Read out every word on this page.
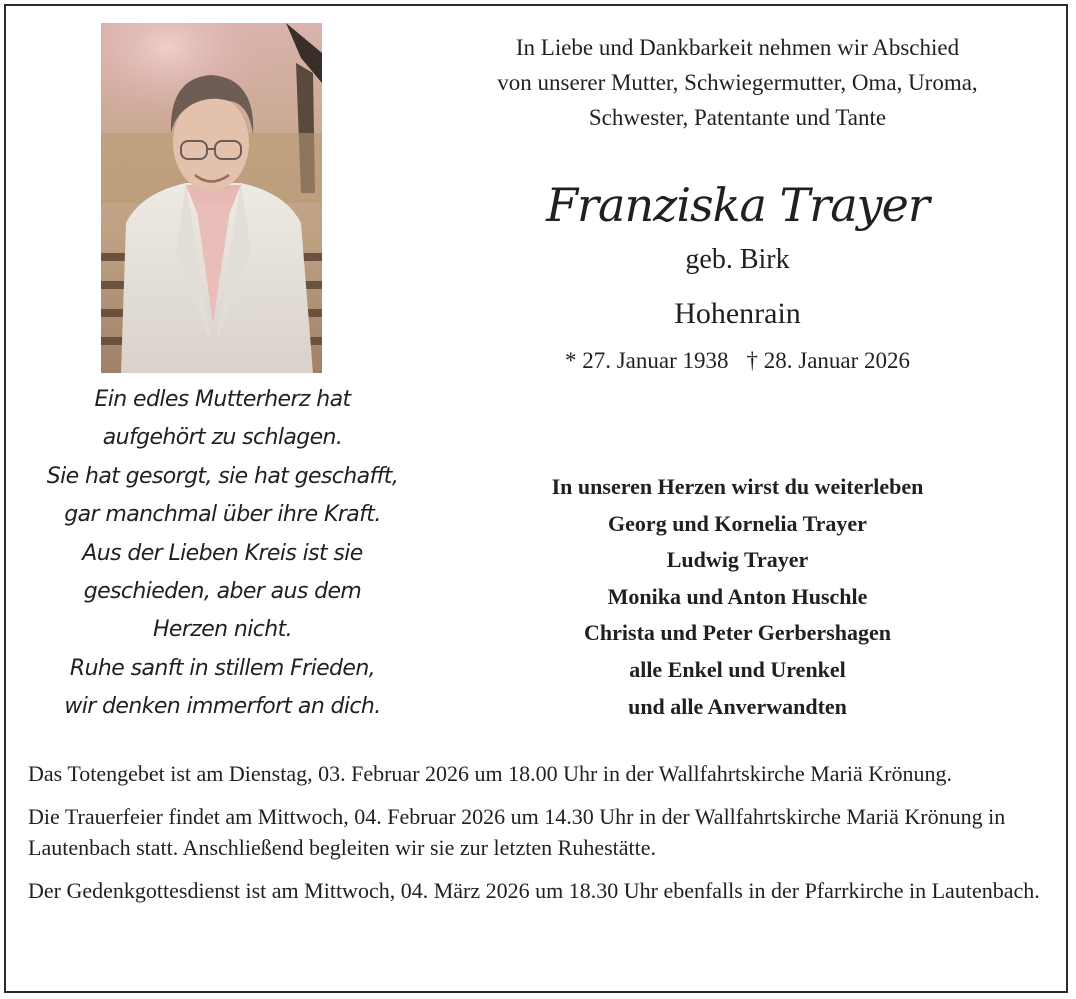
In Liebe und Dankbarkeit nehmen wir Abschied
von unserer Mutter, Schwiegermutter, Oma, Uroma,
Schwester, Patentante und Tante
Franziska Trayer
geb. Birk
Hohenrain
* 27. Januar 1938 † 28. Januar 2026
Ein edles Mutterherz hat
aufgehört zu schlagen.
Sie hat gesorgt, sie hat geschafft,
gar manchmal über ihre Kraft.
Aus der Lieben Kreis ist sie
geschieden, aber aus dem
Herzen nicht.
Ruhe sanft in stillem Frieden,
wir denken immerfort an dich.
In unseren Herzen wirst du weiterleben
Georg und Kornelia Trayer
Ludwig Trayer
Monika und Anton Huschle
Christa und Peter Gerbershagen
alle Enkel und Urenkel
und alle Anverwandten

Das Totengebet ist am Dienstag, 03. Februar 2026 um 18.00 Uhr in der Wallfahrtskirche Mariä Krönung.

Die Trauerfeier findet am Mittwoch, 04. Februar 2026 um 14.30 Uhr in der Wallfahrtskirche Mariä Krönung in Lautenbach statt. Anschließend begleiten wir sie zur letzten Ruhestätte.

Der Gedenkgottesdienst ist am Mittwoch, 04. März 2026 um 18.30 Uhr ebenfalls in der Pfarrkirche in Lautenbach.
